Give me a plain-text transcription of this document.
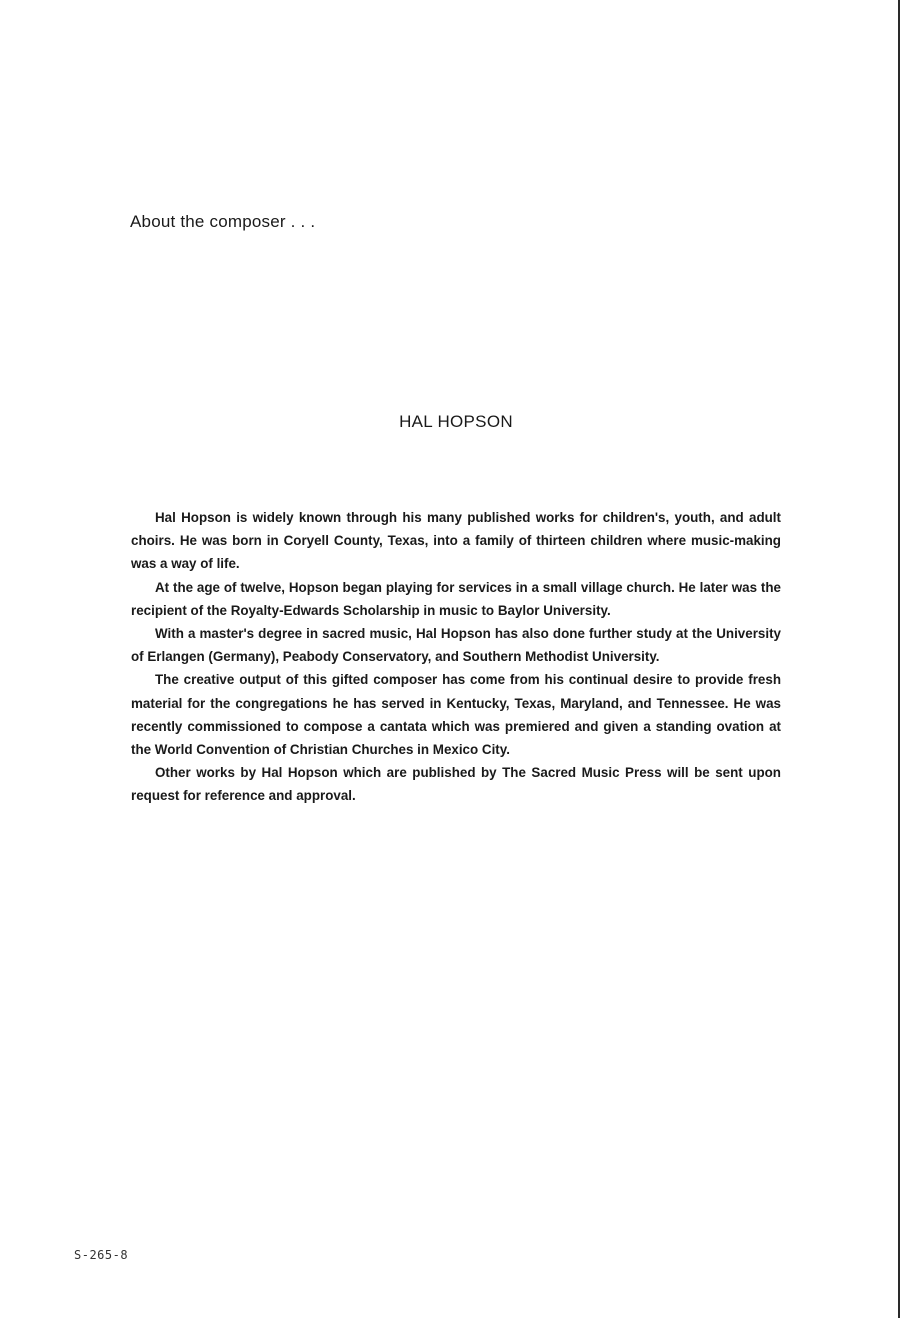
About the composer . . .
HAL HOPSON

Hal Hopson is widely known through his many published works for children's, youth, and adult choirs. He was born in Coryell County, Texas, into a family of thirteen children where music-making was a way of life.

At the age of twelve, Hopson began playing for services in a small village church. He later was the recipient of the Royalty-Edwards Scholarship in music to Baylor University.

With a master's degree in sacred music, Hal Hopson has also done further study at the University of Erlangen (Germany), Peabody Conservatory, and Southern Methodist University.

The creative output of this gifted composer has come from his continual desire to provide fresh material for the congregations he has served in Kentucky, Texas, Maryland, and Tennessee. He was recently commissioned to compose a cantata which was premiered and given a standing ovation at the World Convention of Christian Churches in Mexico City.

Other works by Hal Hopson which are published by The Sacred Music Press will be sent upon request for reference and approval.

S-265-8
